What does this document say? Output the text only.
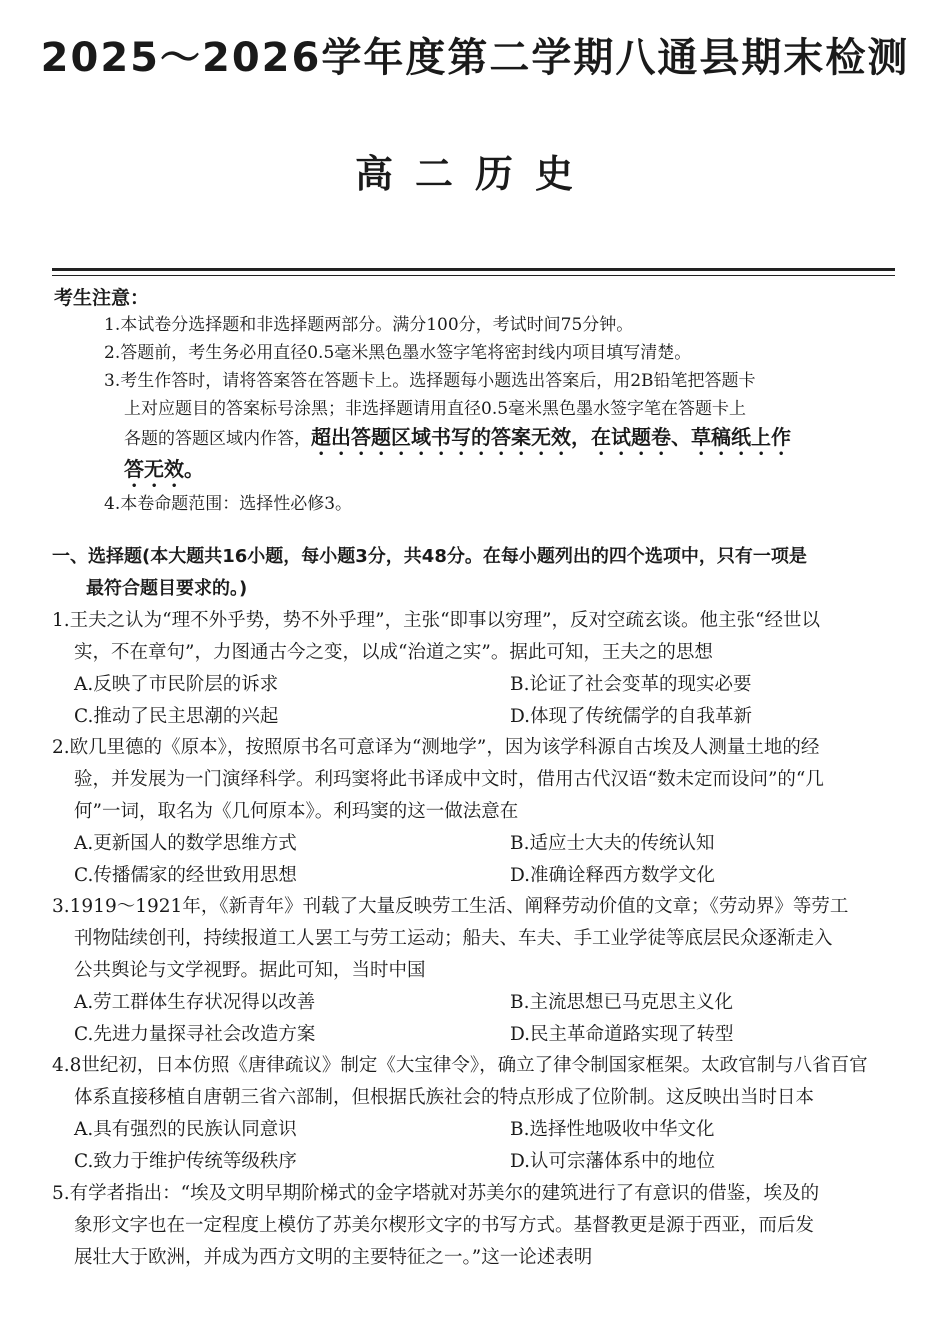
2025～2026学年度第二学期八通县期末检测
高二历史
考生注意：
1.本试卷分选择题和非选择题两部分。满分100分，考试时间75分钟。
2.答题前，考生务必用直径0.5毫米黑色墨水签字笔将密封线内项目填写清楚。
3.考生作答时，请将答案答在答题卡上。选择题每小题选出答案后，用2B铅笔把答题卡
上对应题目的答案标号涂黑；非选择题请用直径0.5毫米黑色墨水签字笔在答题卡上
各题的答题区域内作答，超出答题区域书写的答案无效，在试题卷、草稿纸上作
答无效。
4.本卷命题范围：选择性必修3。
一、选择题(本大题共16小题，每小题3分，共48分。在每小题列出的四个选项中，只有一项是
最符合题目要求的。)
1.王夫之认为“理不外乎势，势不外乎理”，主张“即事以穷理”，反对空疏玄谈。他主张“经世以
实，不在章句”，力图通古今之变，以成“治道之实”。据此可知，王夫之的思想
A.反映了市民阶层的诉求	B.论证了社会变革的现实必要
C.推动了民主思潮的兴起	D.体现了传统儒学的自我革新
2.欧几里德的《原本》，按照原书名可意译为“测地学”，因为该学科源自古埃及人测量土地的经
验，并发展为一门演绎科学。利玛窦将此书译成中文时，借用古代汉语“数未定而设问”的“几
何”一词，取名为《几何原本》。利玛窦的这一做法意在
A.更新国人的数学思维方式	B.适应士大夫的传统认知
C.传播儒家的经世致用思想	D.准确诠释西方数学文化
3.1919～1921年，《新青年》刊载了大量反映劳工生活、阐释劳动价值的文章；《劳动界》等劳工
刊物陆续创刊，持续报道工人罢工与劳工运动；船夫、车夫、手工业学徒等底层民众逐渐走入
公共舆论与文学视野。据此可知，当时中国
A.劳工群体生存状况得以改善	B.主流思想已马克思主义化
C.先进力量探寻社会改造方案	D.民主革命道路实现了转型
4.8世纪初，日本仿照《唐律疏议》制定《大宝律令》，确立了律令制国家框架。太政官制与八省百官
体系直接移植自唐朝三省六部制，但根据氏族社会的特点形成了位阶制。这反映出当时日本
A.具有强烈的民族认同意识	B.选择性地吸收中华文化
C.致力于维护传统等级秩序	D.认可宗藩体系中的地位
5.有学者指出：“埃及文明早期阶梯式的金字塔就对苏美尔的建筑进行了有意识的借鉴，埃及的
象形文字也在一定程度上模仿了苏美尔楔形文字的书写方式。基督教更是源于西亚，而后发
展壮大于欧洲，并成为西方文明的主要特征之一。”这一论述表明
